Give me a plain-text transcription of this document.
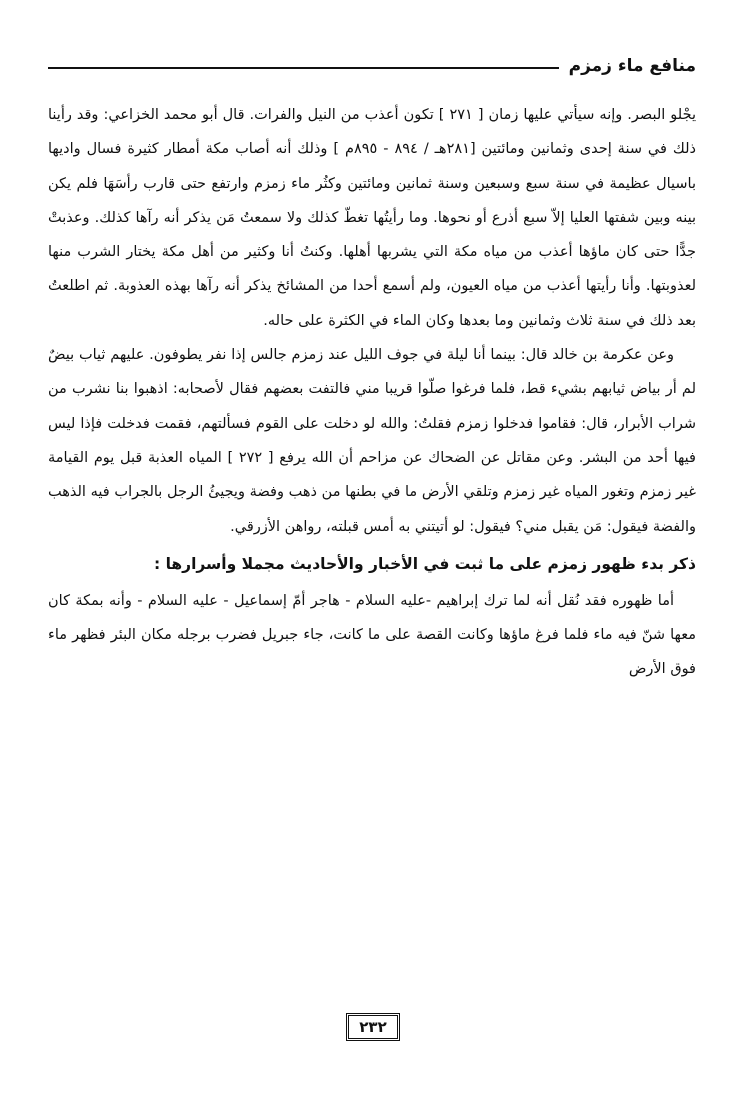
منافع ماء زمزم

يجْلو البصر. وإنه سيأتي عليها زمان [ ٢٧١ ] تكون أعذب من النيل والفرات. قال أبو محمد الخزاعي: وقد رأينا ذلك في سنة إحدى وثمانين ومائتين [٢٨١هـ / ٨٩٤ - ٨٩٥م ] وذلك أنه أصاب مكة أمطار كثيرة فسال واديها باسيال عظيمة في سنة سبع وسبعين وسنة ثمانين ومائتين وكثُر ماء زمزم وارتفع حتى قارب رأسَهَا فلم يكن بينه وبين شفتها العليا إلاّ سبع أذرع أو نحوها. وما رأيتُها تغطّ كذلك ولا سمعتُ مَن يذكر أنه رآها كذلك. وعذبتْ جدًّا حتى كان ماؤها أعذب من مياه مكة التي يشربها أهلها. وكنتُ أنا وكثير من أهل مكة يختار الشرب منها لعذوبتها. وأنا رأيتها أعذب من مياه العيون، ولم أسمع أحدا من المشائخ يذكر أنه رآها بهذه العذوبة. ثم اطلعتُ بعد ذلك في سنة ثلاث وثمانين وما بعدها وكان الماء في الكثرة على حاله.

وعن عكرمة بن خالد قال: بينما أنا ليلة في جوف الليل عند زمزم جالس إذا نفر يطوفون. عليهم ثياب بيضٌ لم أر بياض ثيابهم بشيء قط، فلما فرغوا صلّوا قريبا مني فالتفت بعضهم فقال لأصحابه: اذهبوا بنا نشرب من شراب الأبرار، قال: فقاموا فدخلوا زمزم فقلتُ: والله لو دخلت على القوم فسألتهم، فقمت فدخلت فإذا ليس فيها أحد من البشر. وعن مقاتل عن الضحاك عن مزاحم أن الله يرفع [ ٢٧٢ ] المياه العذبة قبل يوم القيامة غير زمزم وتغور المياه غير زمزم وتلقي الأرض ما في بطنها من ذهب وفضة ويجيئُ الرجل بالجراب فيه الذهب والفضة فيقول: مَن يقبل مني؟ فيقول: لو أتيتني به أمس قبلته، رواهن الأزرقي.

ذكر بدء ظهور زمزم على ما ثبت في الأخبار والأحاديث مجملا وأسرارها :

أما ظهوره فقد نُقل أنه لما ترك إبراهيم -عليه السلام - هاجر أمّ إسماعيل - عليه السلام - وأنه بمكة كان معها شنّ فيه ماء فلما فرغ ماؤها وكانت القصة على ما كانت، جاء جبريل فضرب برجله مكان البئر فظهر ماء فوق الأرض

٢٣٢
